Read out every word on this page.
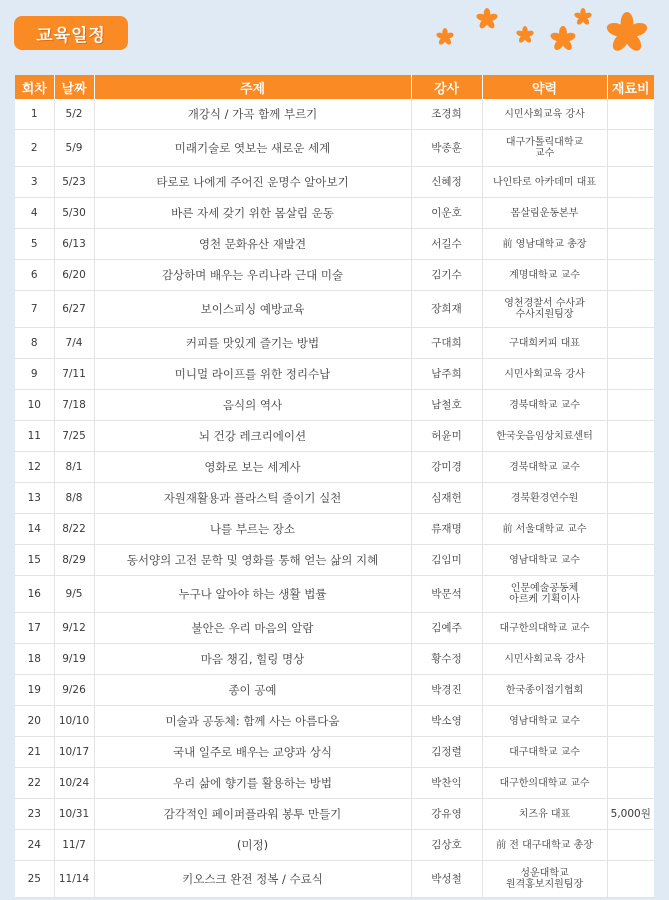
교육일정
회차	날짜	주제	강사	약력	재료비
1	5/2	개강식 / 가곡 함께 부르기	조경희	시민사회교육 강사	
2	5/9	미래기술로 엿보는 새로운 세계	박종훈	대구가톨릭대학교
교수	
3	5/23	타로로 나에게 주어진 운명수 알아보기	신혜정	나인타로 아카데미 대표	
4	5/30	바른 자세 갖기 위한 몸살림 운동	이운호	몸살림운동본부	
5	6/13	영천 문화유산 재발견	서길수	前 영남대학교 총장	
6	6/20	감상하며 배우는 우리나라 근대 미술	김기수	계명대학교 교수	
7	6/27	보이스피싱 예방교육	장희재	영천경찰서 수사과
수사지원팀장	
8	7/4	커피를 맛있게 즐기는 방법	구대희	구대희커피 대표	
9	7/11	미니멀 라이프를 위한 정리수납	남주희	시민사회교육 강사	
10	7/18	음식의 역사	남철호	경북대학교 교수	
11	7/25	뇌 건강 레크리에이션	허윤미	한국웃음임상치료센터	
12	8/1	영화로 보는 세계사	강미경	경북대학교 교수	
13	8/8	자원재활용과 플라스틱 줄이기 실천	심재헌	경북환경연수원	
14	8/22	나를 부르는 장소	류재명	前 서울대학교 교수	
15	8/29	동서양의 고전 문학 및 영화를 통해 얻는 삶의 지혜	김임미	영남대학교 교수	
16	9/5	누구나 알아야 하는 생활 법률	박문석	인문예술공동체
아르케 기획이사	
17	9/12	불안은 우리 마음의 알람	김예주	대구한의대학교 교수	
18	9/19	마음 챙김, 힐링 명상	황수정	시민사회교육 강사	
19	9/26	종이 공예	박경진	한국종이접기협회	
20	10/10	미술과 공동체: 함께 사는 아름다움	박소영	영남대학교 교수	
21	10/17	국내 일주로 배우는 교양과 상식	김정렬	대구대학교 교수	
22	10/24	우리 삶에 향기를 활용하는 방법	박찬익	대구한의대학교 교수	
23	10/31	감각적인 페이퍼플라워 봉투 만들기	강유영	치즈유 대표	5,000원
24	11/7	(미정)	김상호	前 전 대구대학교 총장	
25	11/14	키오스크 완전 정복 / 수료식	박성철	성운대학교
원격홍보지원팀장	
